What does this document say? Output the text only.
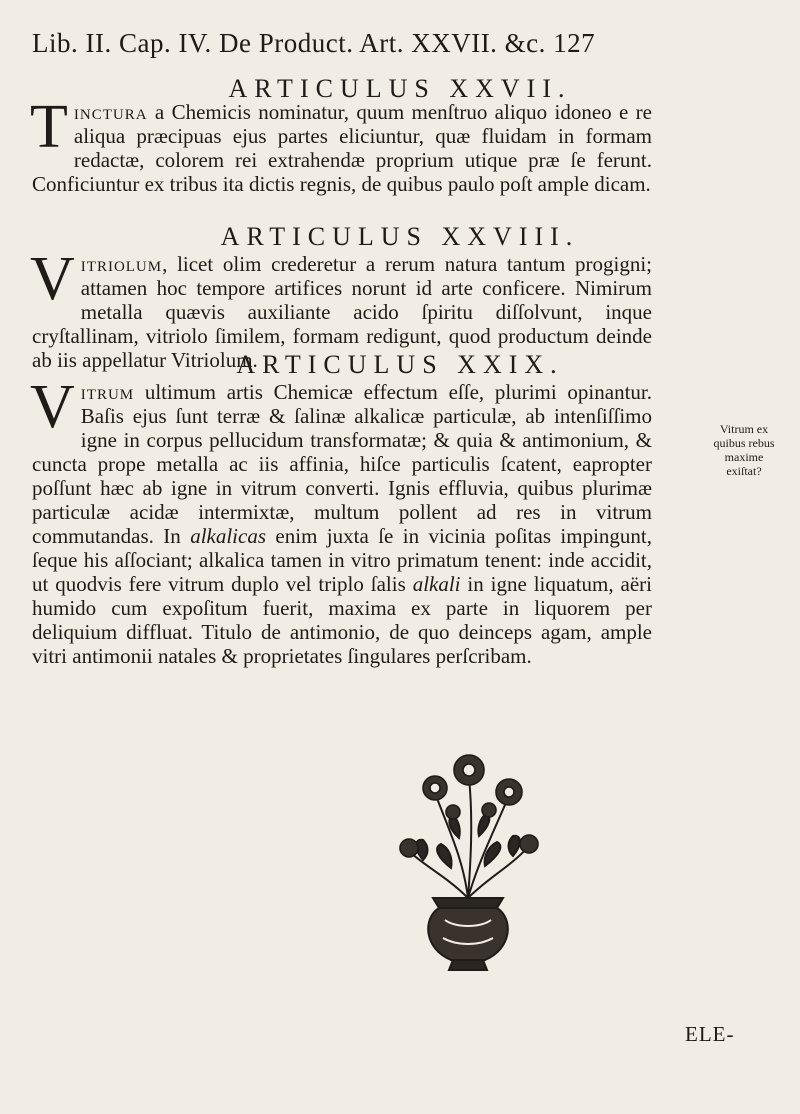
Lib. II. Cap. IV. De Product. Art. XXVII. &c. 127
ARTICULUS XXVII.

Tinctura a Chemicis nominatur, quum menſtruo aliquo idoneo e re aliqua præcipuas ejus partes eliciuntur, quæ fluidam in formam redactæ, colorem rei extrahendæ proprium utique præ ſe ferunt. Conficiuntur ex tribus ita dictis regnis, de quibus paulo poſt ample dicam.

ARTICULUS XXVIII.

Vitriolum, licet olim crederetur a rerum natura tantum progigni; attamen hoc tempore artifices norunt id arte conficere. Nimirum metalla quævis auxiliante acido ſpiritu diſſolvunt, inque cryſtallinam, vitriolo ſimilem, formam redigunt, quod productum deinde ab iis appellatur Vitriolum.

ARTICULUS XXIX.

Vitrum ultimum artis Chemicæ effectum eſſe, plurimi opinantur. Baſis ejus ſunt terræ & ſalinæ alkalicæ particulæ, ab intenſiſſimo igne in corpus pellucidum transformatæ; & quia & antimonium, & cuncta prope metalla ac iis affinia, hiſce particulis ſcatent, eapropter poſſunt hæc ab igne in vitrum converti. Ignis effluvia, quibus plurimæ particulæ acidæ intermixtæ, multum pollent ad res in vitrum commutandas. In alkalicas enim juxta ſe in vicinia poſitas impingunt, ſeque his aſſociant; alkalica tamen in vitro primatum tenent: inde accidit, ut quodvis fere vitrum duplo vel triplo ſalis alkali in igne liquatum, aëri humido cum expoſitum fuerit, maxima ex parte in liquorem per deliquium diffluat. Titulo de antimonio, de quo deinceps agam, ample vitri antimonii natales & proprietates ſingulares perſcribam.

Vitrum ex
quibus rebus
maxime
exiſtat?
ELE-
